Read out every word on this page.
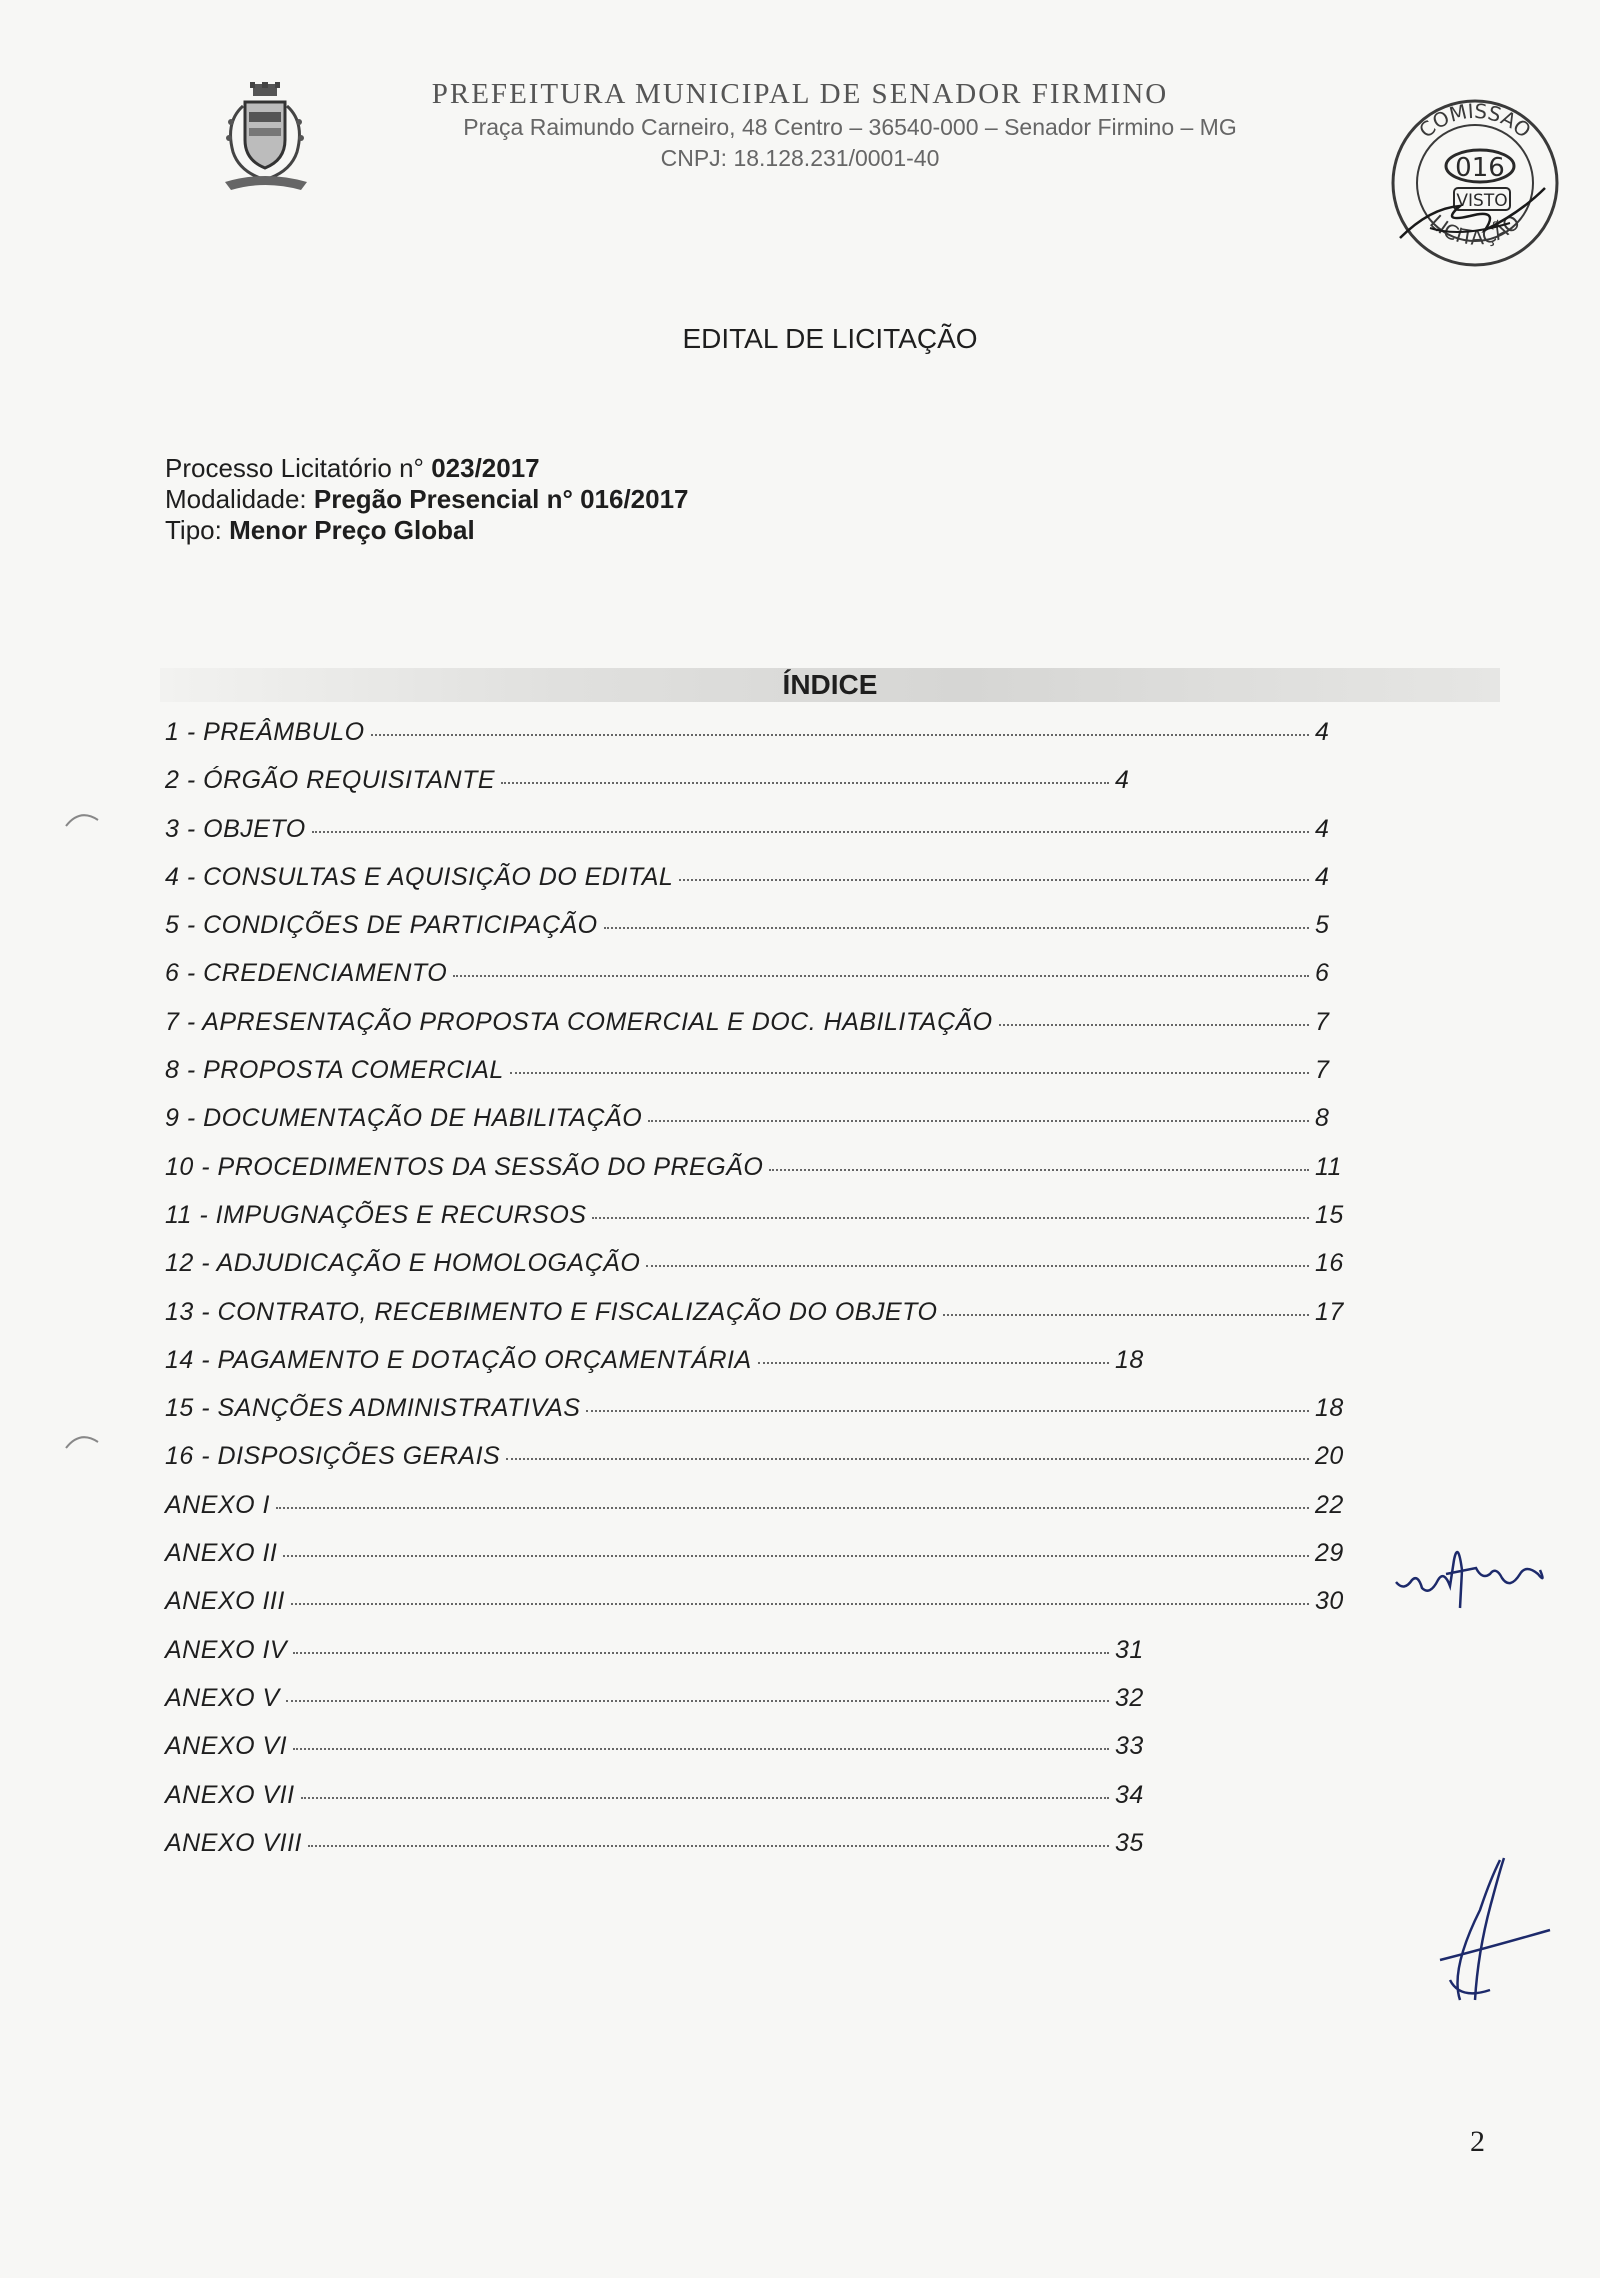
PREFEITURA MUNICIPAL DE SENADOR FIRMINO
Praça Raimundo Carneiro, 48 Centro – 36540-000 – Senador Firmino – MG
CNPJ: 18.128.231/0001-40
COMISSÃO
LICITAÇÃO
016
VISTO
EDITAL DE LICITAÇÃO
Processo Licitatório n° 023/2017
Modalidade: Pregão Presencial n° 016/2017
Tipo: Menor Preço Global
ÍNDICE
1 - PREÂMBULO	4
2 - ÓRGÃO REQUISITANTE	4
3 - OBJETO	4
4 - CONSULTAS E AQUISIÇÃO DO EDITAL	4
5 - CONDIÇÕES DE PARTICIPAÇÃO	5
6 - CREDENCIAMENTO	6
7 - APRESENTAÇÃO PROPOSTA COMERCIAL E DOC. HABILITAÇÃO	7
8 - PROPOSTA COMERCIAL	7
9 - DOCUMENTAÇÃO DE HABILITAÇÃO	8
10 - PROCEDIMENTOS DA SESSÃO DO PREGÃO	11
11 - IMPUGNAÇÕES E RECURSOS	15
12 - ADJUDICAÇÃO E HOMOLOGAÇÃO	16
13 - CONTRATO, RECEBIMENTO E FISCALIZAÇÃO DO OBJETO	17
14 - PAGAMENTO E DOTAÇÃO ORÇAMENTÁRIA	18
15 - SANÇÕES ADMINISTRATIVAS	18
16 - DISPOSIÇÕES GERAIS	20
ANEXO I	22
ANEXO II	29
ANEXO III	30
ANEXO IV	31
ANEXO V	32
ANEXO VI	33
ANEXO VII	34
ANEXO VIII	35
2
